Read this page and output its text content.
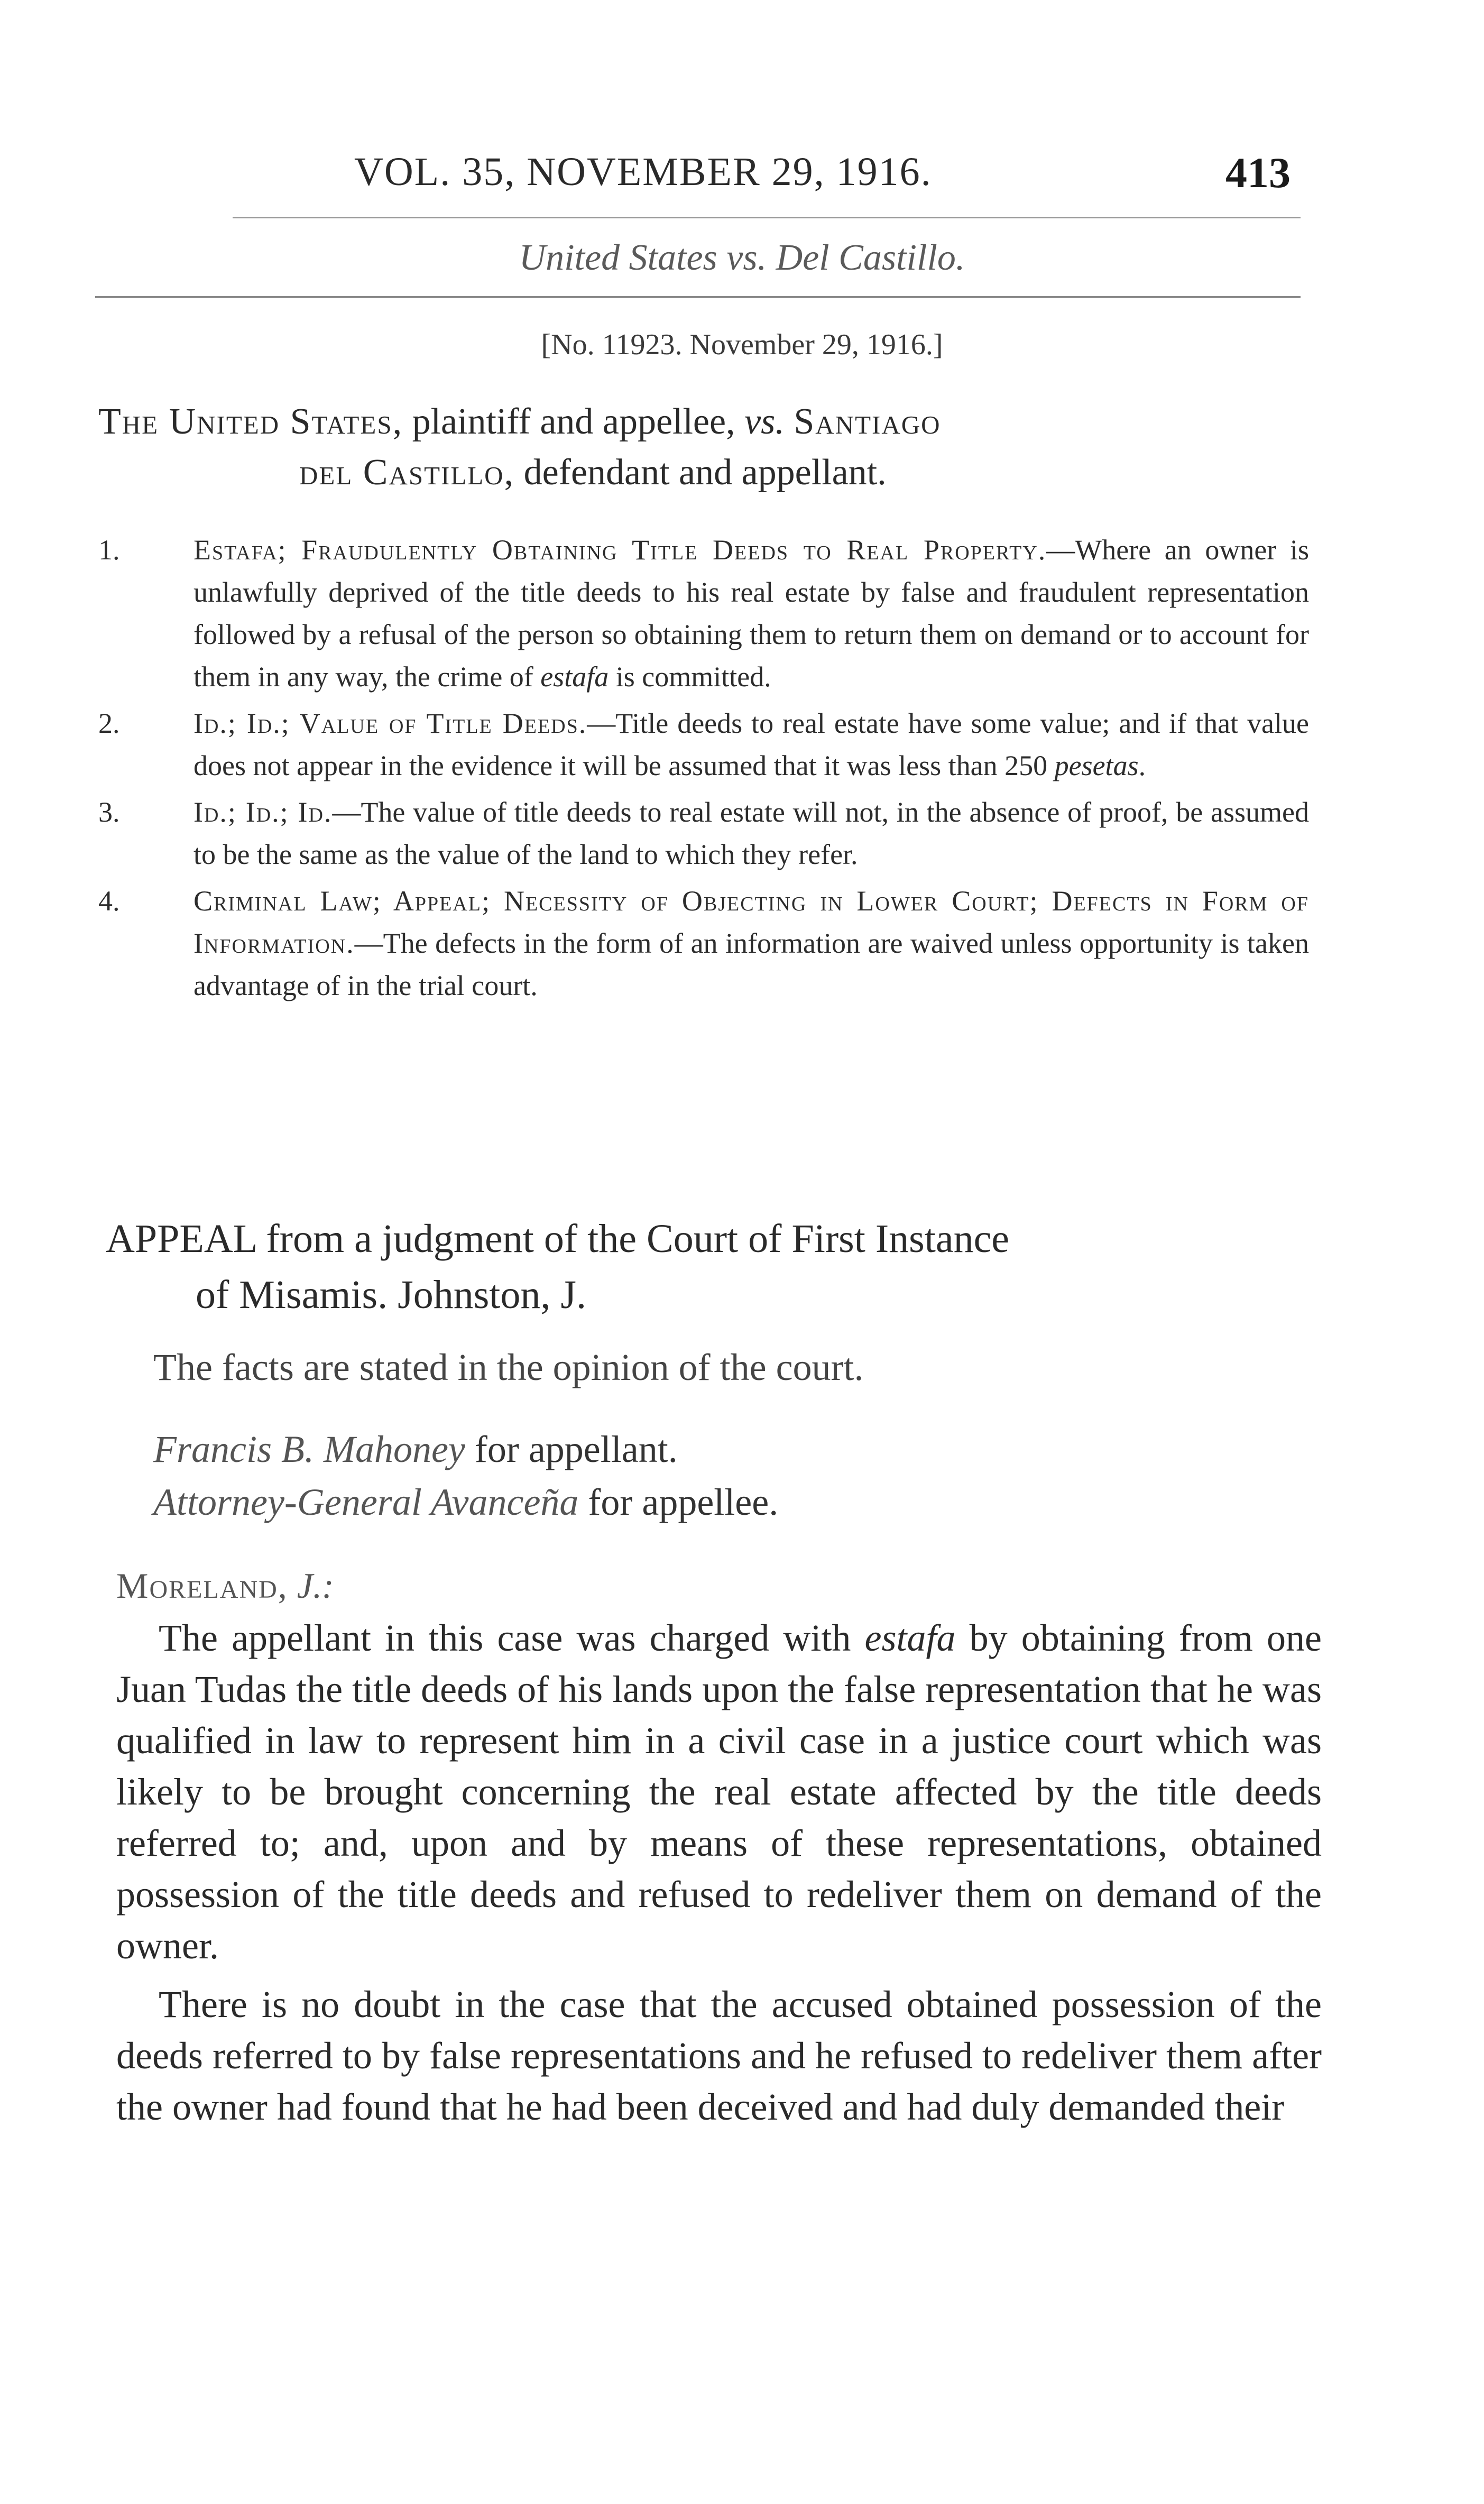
VOL. 35, NOVEMBER 29, 1916.	413
United States vs. Del Castillo.
[No. 11923. November 29, 1916.]
The United States, plaintiff and appellee, vs. Santiago
del Castillo, defendant and appellant.
1.	Estafa; Fraudulently Obtaining Title Deeds to Real Property.—Where an owner is unlawfully deprived of the title deeds to his real estate by false and fraudulent representation followed by a refusal of the person so obtaining them to return them on demand or to account for them in any way, the crime of estafa is committed.
2.	Id.; Id.; Value of Title Deeds.—Title deeds to real estate have some value; and if that value does not appear in the evidence it will be assumed that it was less than 250 pesetas.
3.	Id.; Id.; Id.—The value of title deeds to real estate will not, in the absence of proof, be assumed to be the same as the value of the land to which they refer.
4.	Criminal Law; Appeal; Necessity of Objecting in Lower Court; Defects in Form of Information.—The defects in the form of an information are waived unless opportunity is taken advantage of in the trial court.
APPEAL from a judgment of the Court of First Instance
of Misamis. Johnston, J.
The facts are stated in the opinion of the court.
Francis B. Mahoney for appellant.
Attorney-General Avanceña for appellee.
Moreland, J.:

The appellant in this case was charged with estafa by obtaining from one Juan Tudas the title deeds of his lands upon the false representation that he was qualified in law to represent him in a civil case in a justice court which was likely to be brought concerning the real estate affected by the title deeds referred to; and, upon and by means of these representations, obtained possession of the title deeds and refused to redeliver them on demand of the owner.

There is no doubt in the case that the accused obtained possession of the deeds referred to by false representations and he refused to redeliver them after the owner had found that he had been deceived and had duly demanded their
